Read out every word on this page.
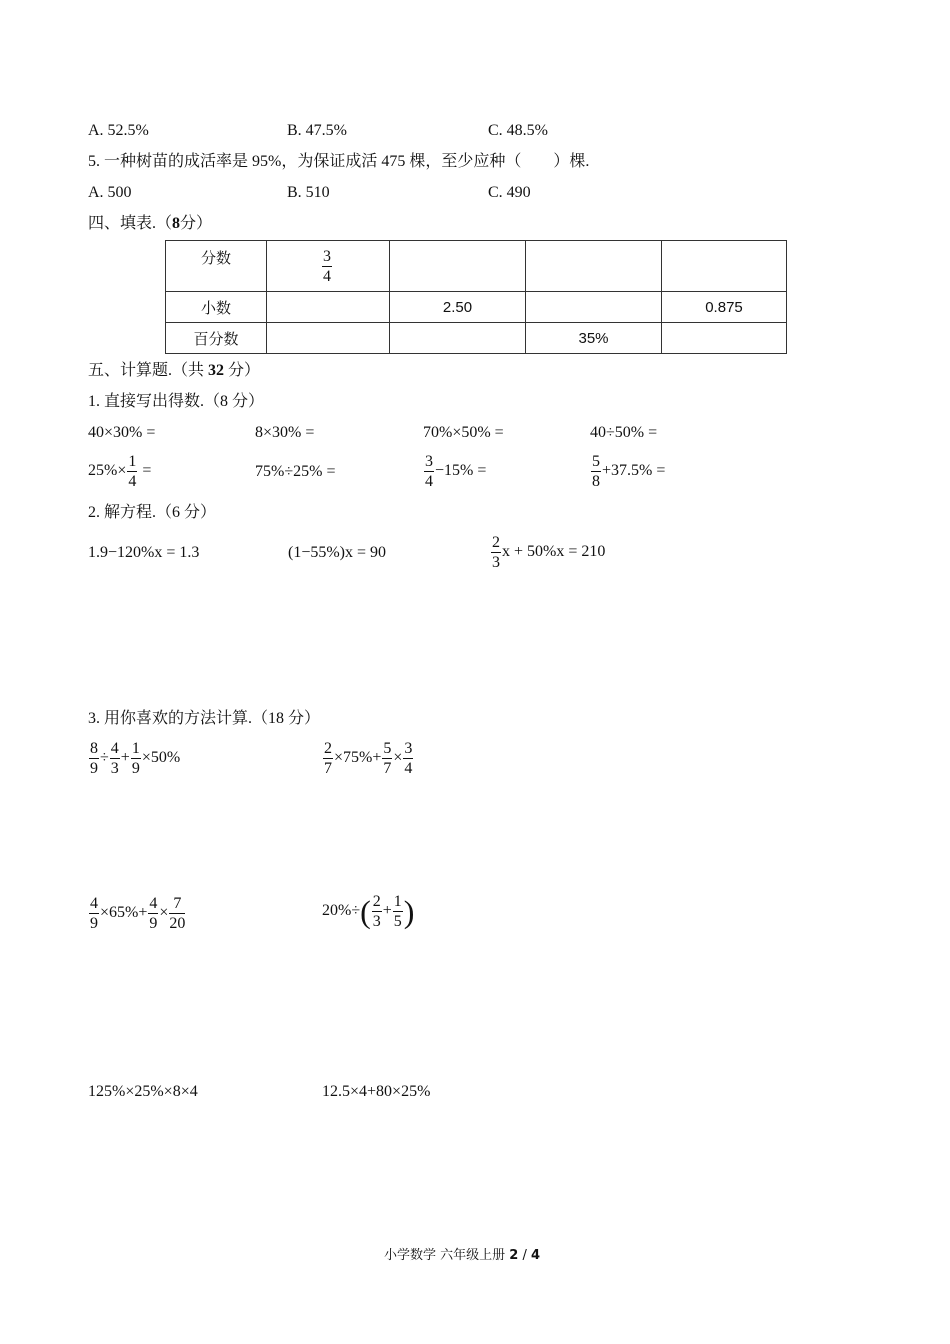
A. 52.5%	B. 47.5%	C. 48.5%
5. 一种树苗的成活率是 95%，为保证成活 475 棵，至少应种（　　）棵.
A. 500	B. 510	C. 490
四、填表.（8分）
分数	$\frac{3}{4}$

小数		2.50		0.875
百分数			35%	
五、计算题.（共 32 分）
1. 直接写出得数.（8 分）
40×30% =	8×30% =	70%×50% =	40÷50% =
$25\%\times \frac{1}{4}$ =	75%÷25% =	$\frac{3}{4} -15\%$ =	$\frac{5}{8} +37.5\%$ =
2. 解方程.（6 分）
1.9−120%x = 1.3	(1−55%)x = 90	$\frac{2}{3}$ x + 50%x = 210
3. 用你喜欢的方法计算.（18 分）
$\frac{8}{9} \div \frac{4}{3} + \frac{1}{9} \times 50\%$	$\frac{2}{7} \times 75\%+ \frac{5}{7} \times \frac{3}{4}$
$\frac{4}{9} \times 65\%+ \frac{4}{9} \times \frac{7}{20}$	$20\%\div( \frac{2}{3} + \frac{1}{5}$ )
125%×25%×8×4	12.5×4+80×25%
小学数学 六年级上册 2 / 4
